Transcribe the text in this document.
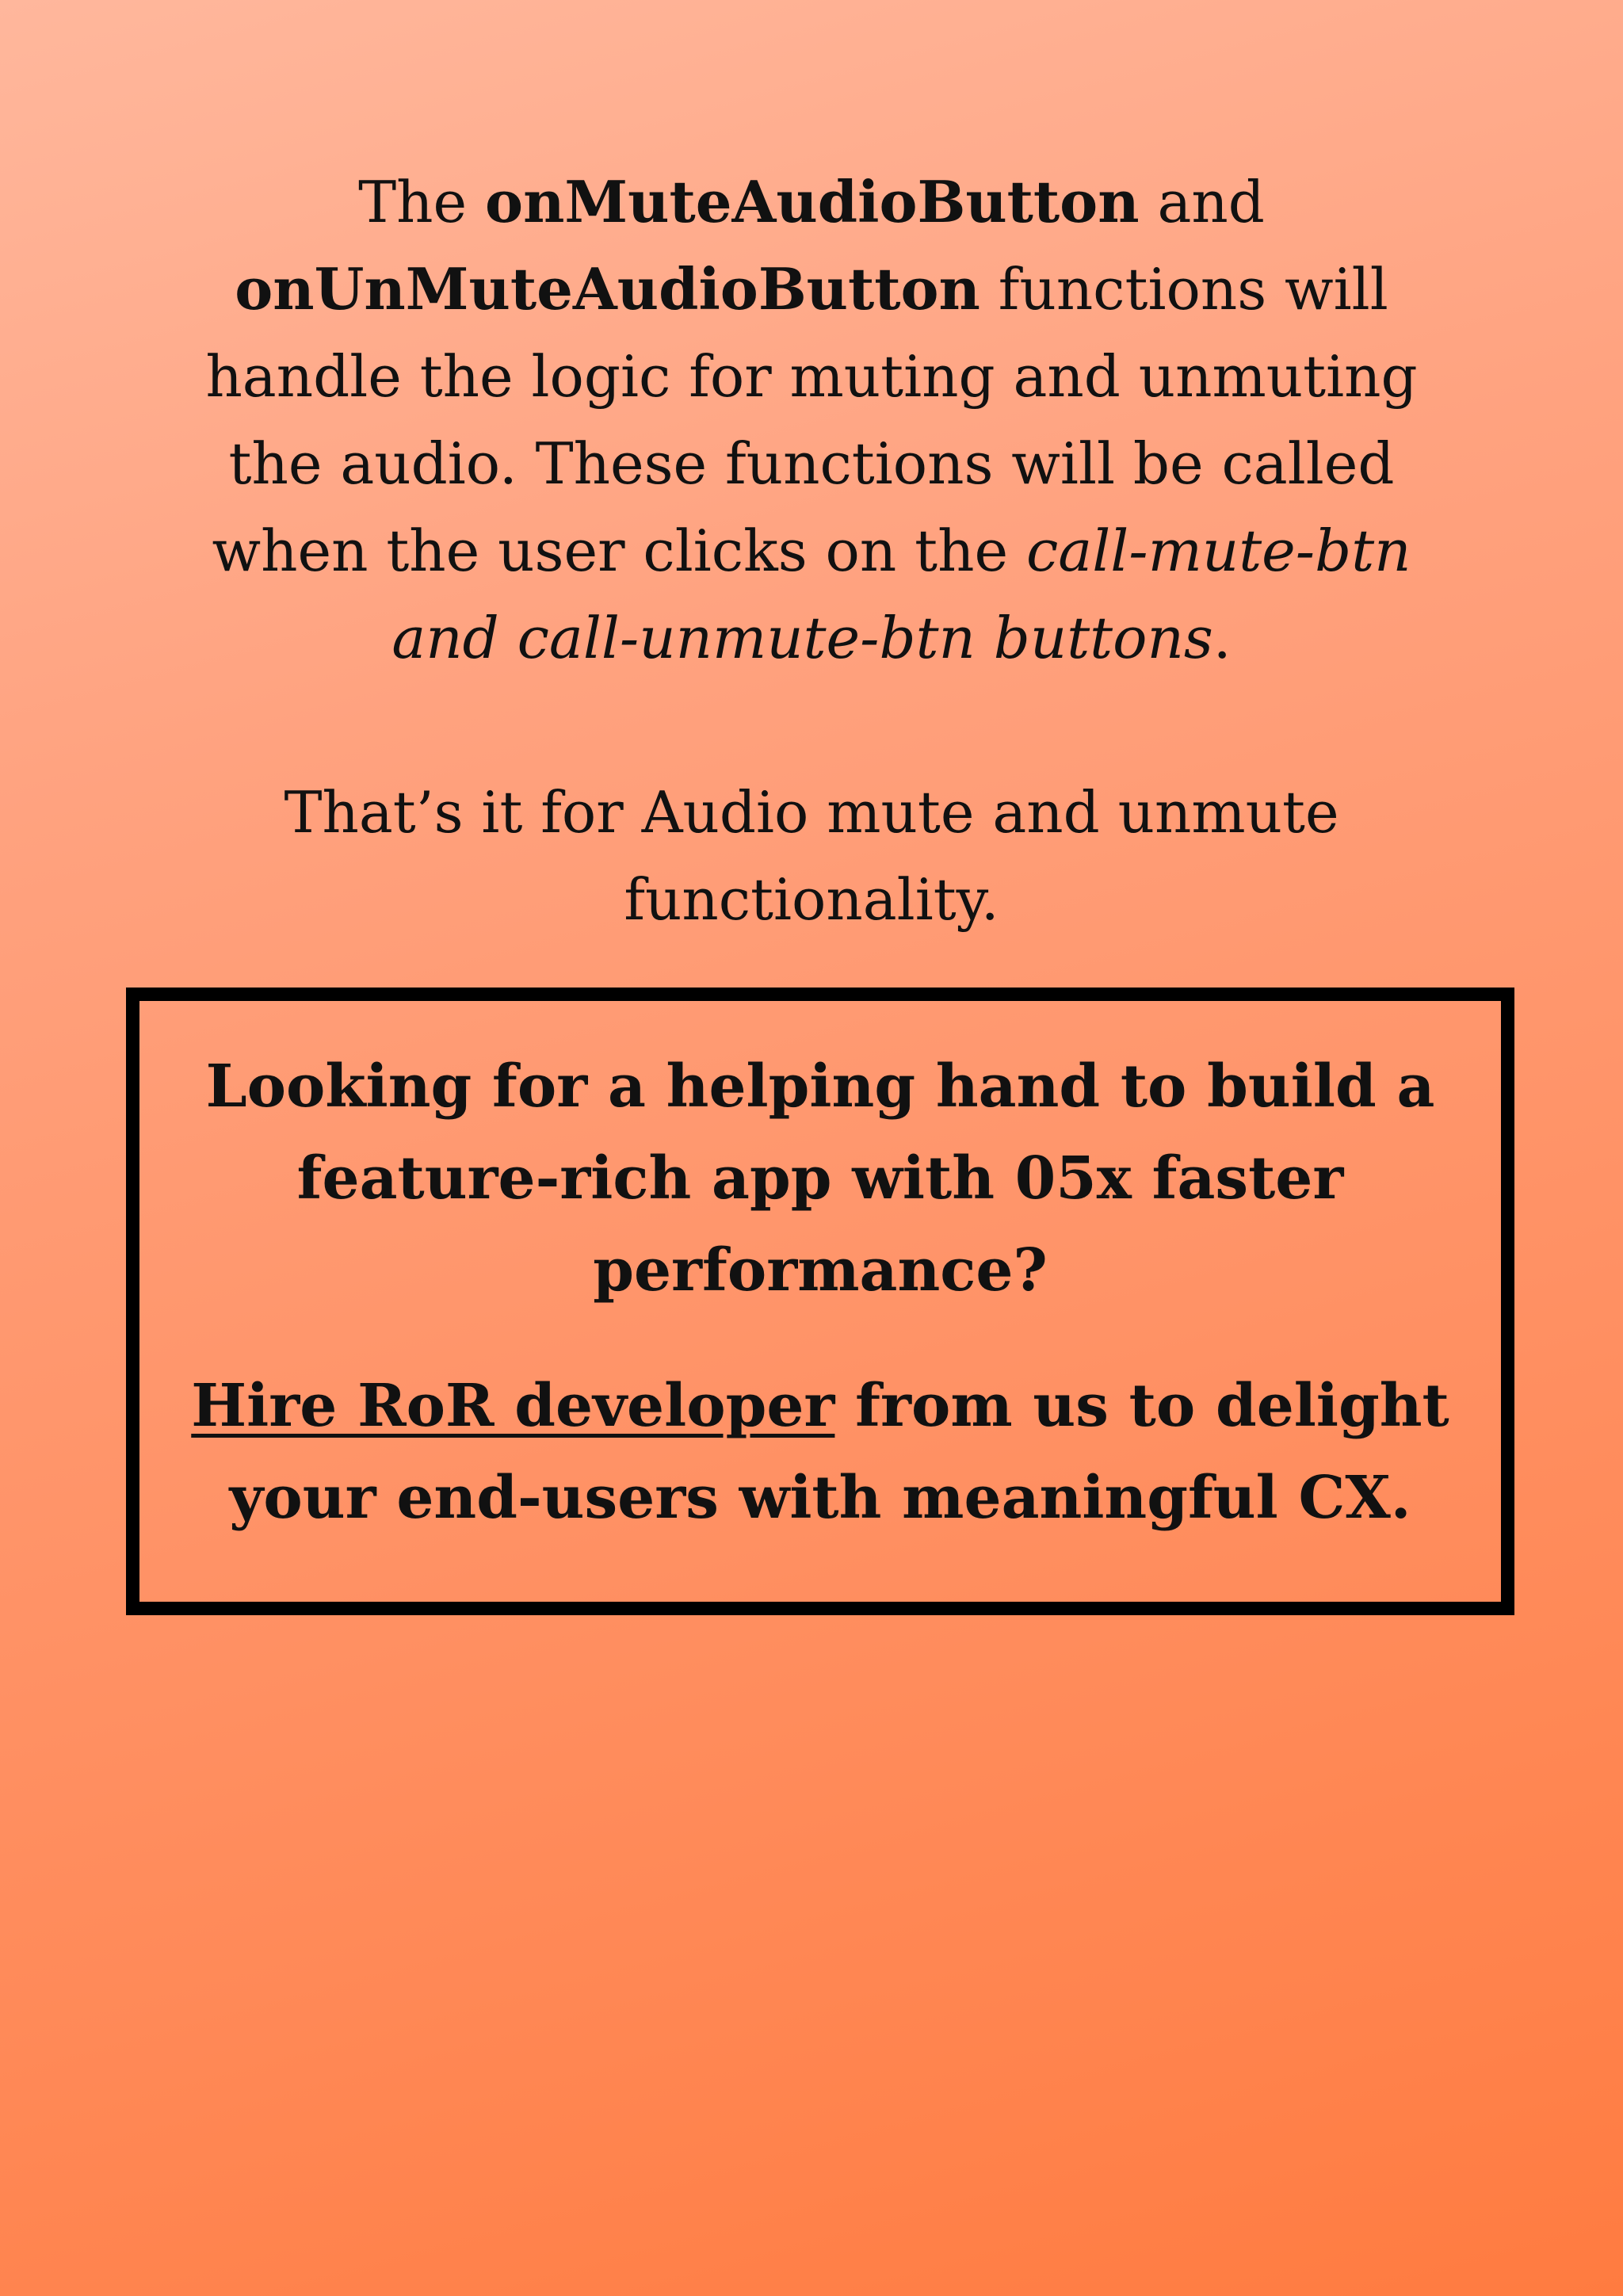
The onMuteAudioButton and onUnMuteAudioButton functions will handle the logic for muting and unmuting the audio. These functions will be called when the user clicks on the call-mute-btn and call-unmute-btn buttons.

That’s it for Audio mute and unmute functionality.

Looking for a helping hand to build a feature-rich app with 05x faster performance?

Hire RoR developer from us to delight your end-users with meaningful CX.
